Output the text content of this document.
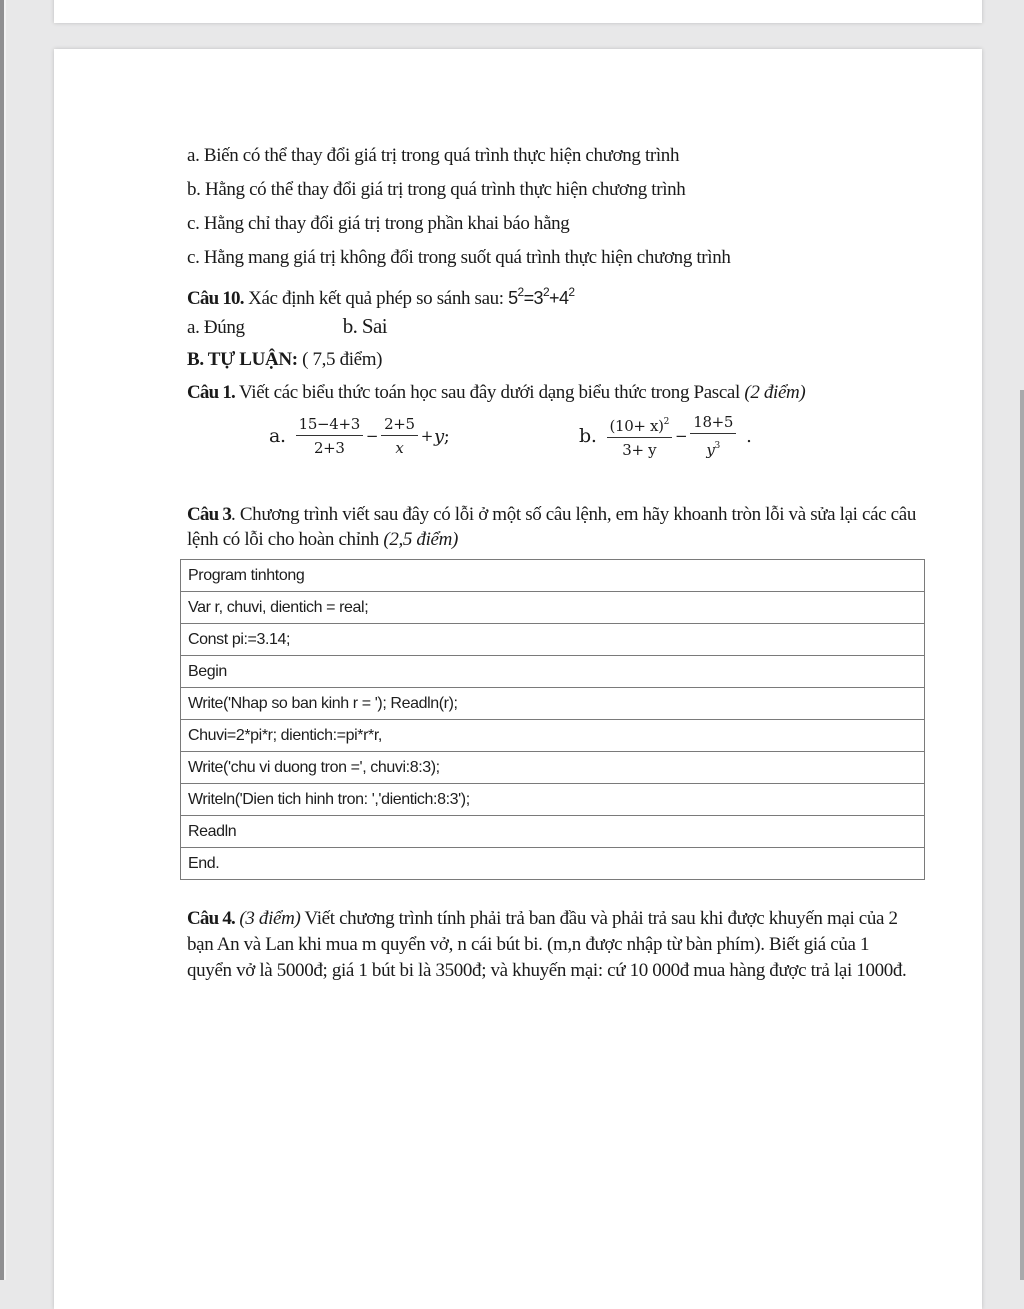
a. Biến có thể thay đổi giá trị trong quá trình thực hiện chương trình
b. Hằng có thể thay đổi giá trị trong quá trình thực hiện chương trình
c. Hằng chỉ thay đổi giá trị trong phần khai báo hằng
c. Hằng mang giá trị không đổi trong suốt quá trình thực hiện chương trình
Câu 10. Xác định kết quả phép so sánh sau: $5^2=3^2+4^2$
a. Đúng	b. Sai
B. TỰ LUẬN: ( 7,5 điểm)
Câu 1. Viết các biểu thức toán học sau đây dưới dạng biểu thức trong Pascal (2 điểm)
a. $\frac{15-4+3}{2+3} - \frac{2+5}{x} + y$ ;	b. $\frac{(10+ x)^2}{3+ y} - \frac{18+5}{y^3}$ .
Câu 3. Chương trình viết sau đây có lỗi ở một số câu lệnh, em hãy khoanh tròn lỗi và sửa lại các câu lệnh có lỗi cho hoàn chỉnh (2,5 điểm)
Program tinhtong
Var r, chuvi, dientich = real;
Const pi:=3.14;
Begin
Write('Nhap so ban kinh r = '); Readln(r);
Chuvi=2*pi*r; dientich:=pi*r*r,
Write('chu vi duong tron =', chuvi:8:3);
Writeln('Dien tich hinh tron: ','dientich:8:3');
Readln
End.
Câu 4. (3 điểm) Viết chương trình tính phải trả ban đầu và phải trả sau khi được khuyến mại của 2 bạn An và Lan khi mua m quyển vở, n cái bút bi. (m,n được nhập từ bàn phím). Biết giá của 1 quyển vở là 5000đ; giá 1 bút bi là 3500đ; và khuyến mại: cứ 10 000đ mua hàng được trả lại 1000đ.
